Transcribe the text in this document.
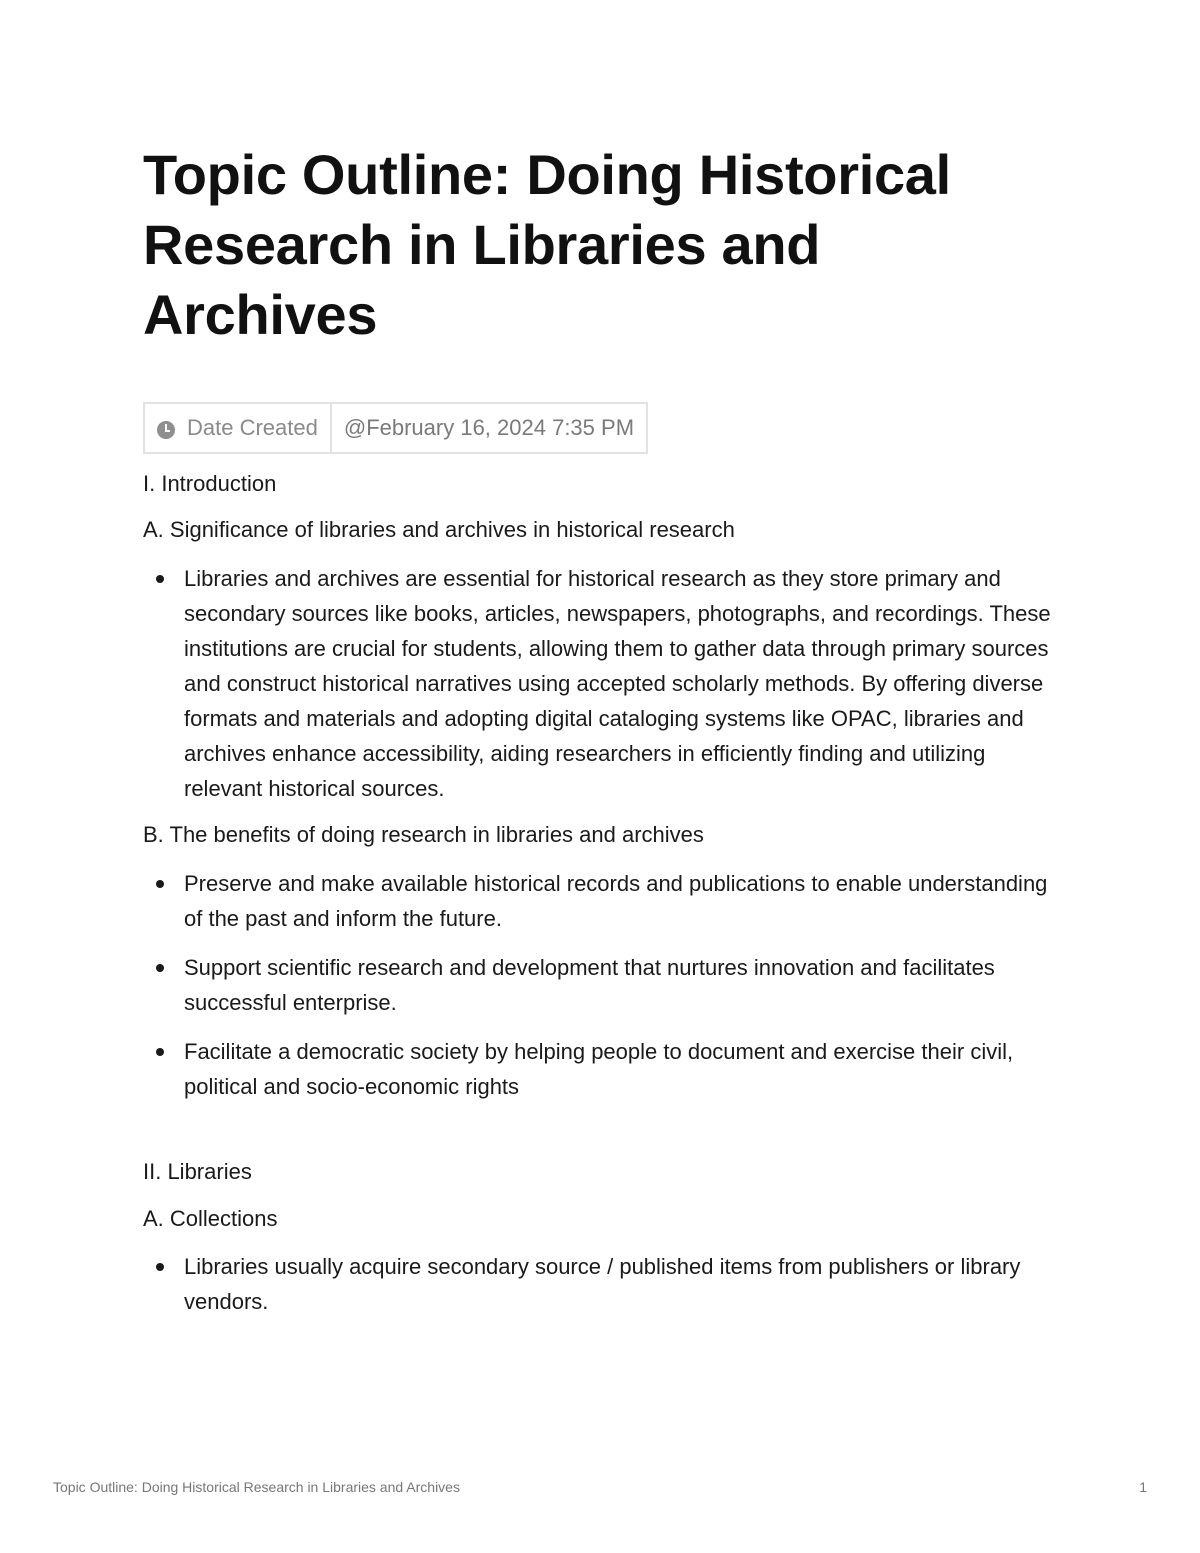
Topic Outline: Doing Historical Research in Libraries and Archives
Date Created	@February 16, 2024 7:35 PM

I. Introduction

A. Significance of libraries and archives in historical research

Libraries and archives are essential for historical research as they store primary and secondary sources like books, articles, newspapers, photographs, and recordings. These institutions are crucial for students, allowing them to gather data through primary sources and construct historical narratives using accepted scholarly methods. By offering diverse formats and materials and adopting digital cataloging systems like OPAC, libraries and archives enhance accessibility, aiding researchers in efficiently finding and utilizing relevant historical sources.

B. The benefits of doing research in libraries and archives

Preserve and make available historical records and publications to enable understanding of the past and inform the future.
Support scientific research and development that nurtures innovation and facilitates successful enterprise.
Facilitate a democratic society by helping people to document and exercise their civil, political and socio-economic rights

II. Libraries

A. Collections

Libraries usually acquire secondary source / published items from publishers or library vendors.
Topic Outline: Doing Historical Research in Libraries and Archives	1
